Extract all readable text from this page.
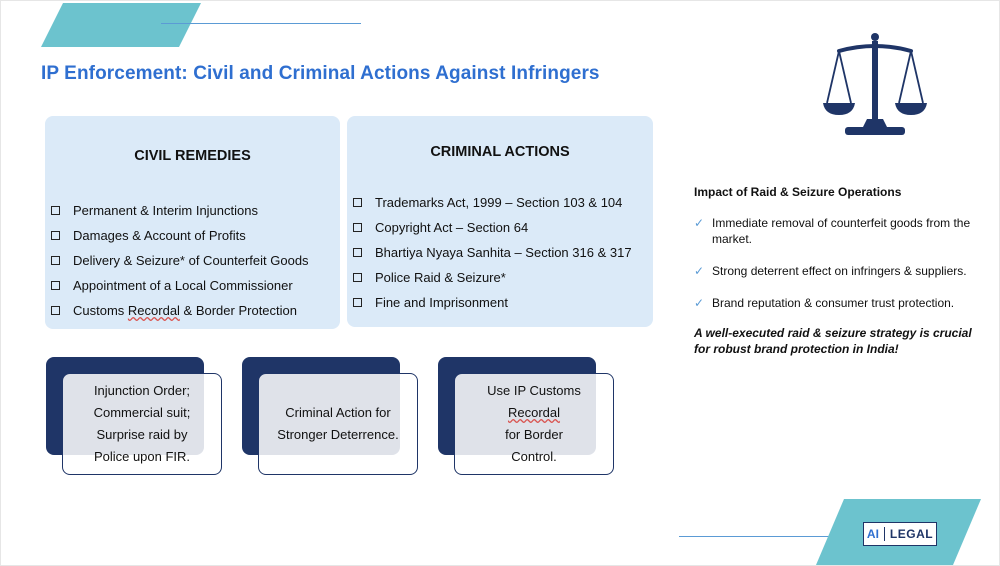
IP Enforcement: Civil and Criminal Actions Against Infringers
CIVIL REMEDIES
Permanent & Interim Injunctions
Damages & Account of Profits
Delivery & Seizure* of Counterfeit Goods
Appointment of a Local Commissioner
Customs Recordal & Border Protection
CRIMINAL ACTIONS
Trademarks Act, 1999 – Section 103 & 104
Copyright Act – Section 64
Bhartiya Nyaya Sanhita – Section 316 & 317
Police Raid & Seizure*
Fine and Imprisonment
Impact of Raid & Seizure Operations
✓ Immediate removal of counterfeit goods from the market.
✓ Strong deterrent effect on infringers & suppliers.
✓ Brand reputation & consumer trust protection.
A well-executed raid & seizure strategy is crucial for robust brand protection in India!
Injunction Order;
Commercial suit;
Surprise raid by
Police upon FIR.
Criminal Action for
Stronger Deterrence.
Use IP Customs
Recordal
for Border
Control.
AI LEGAL
